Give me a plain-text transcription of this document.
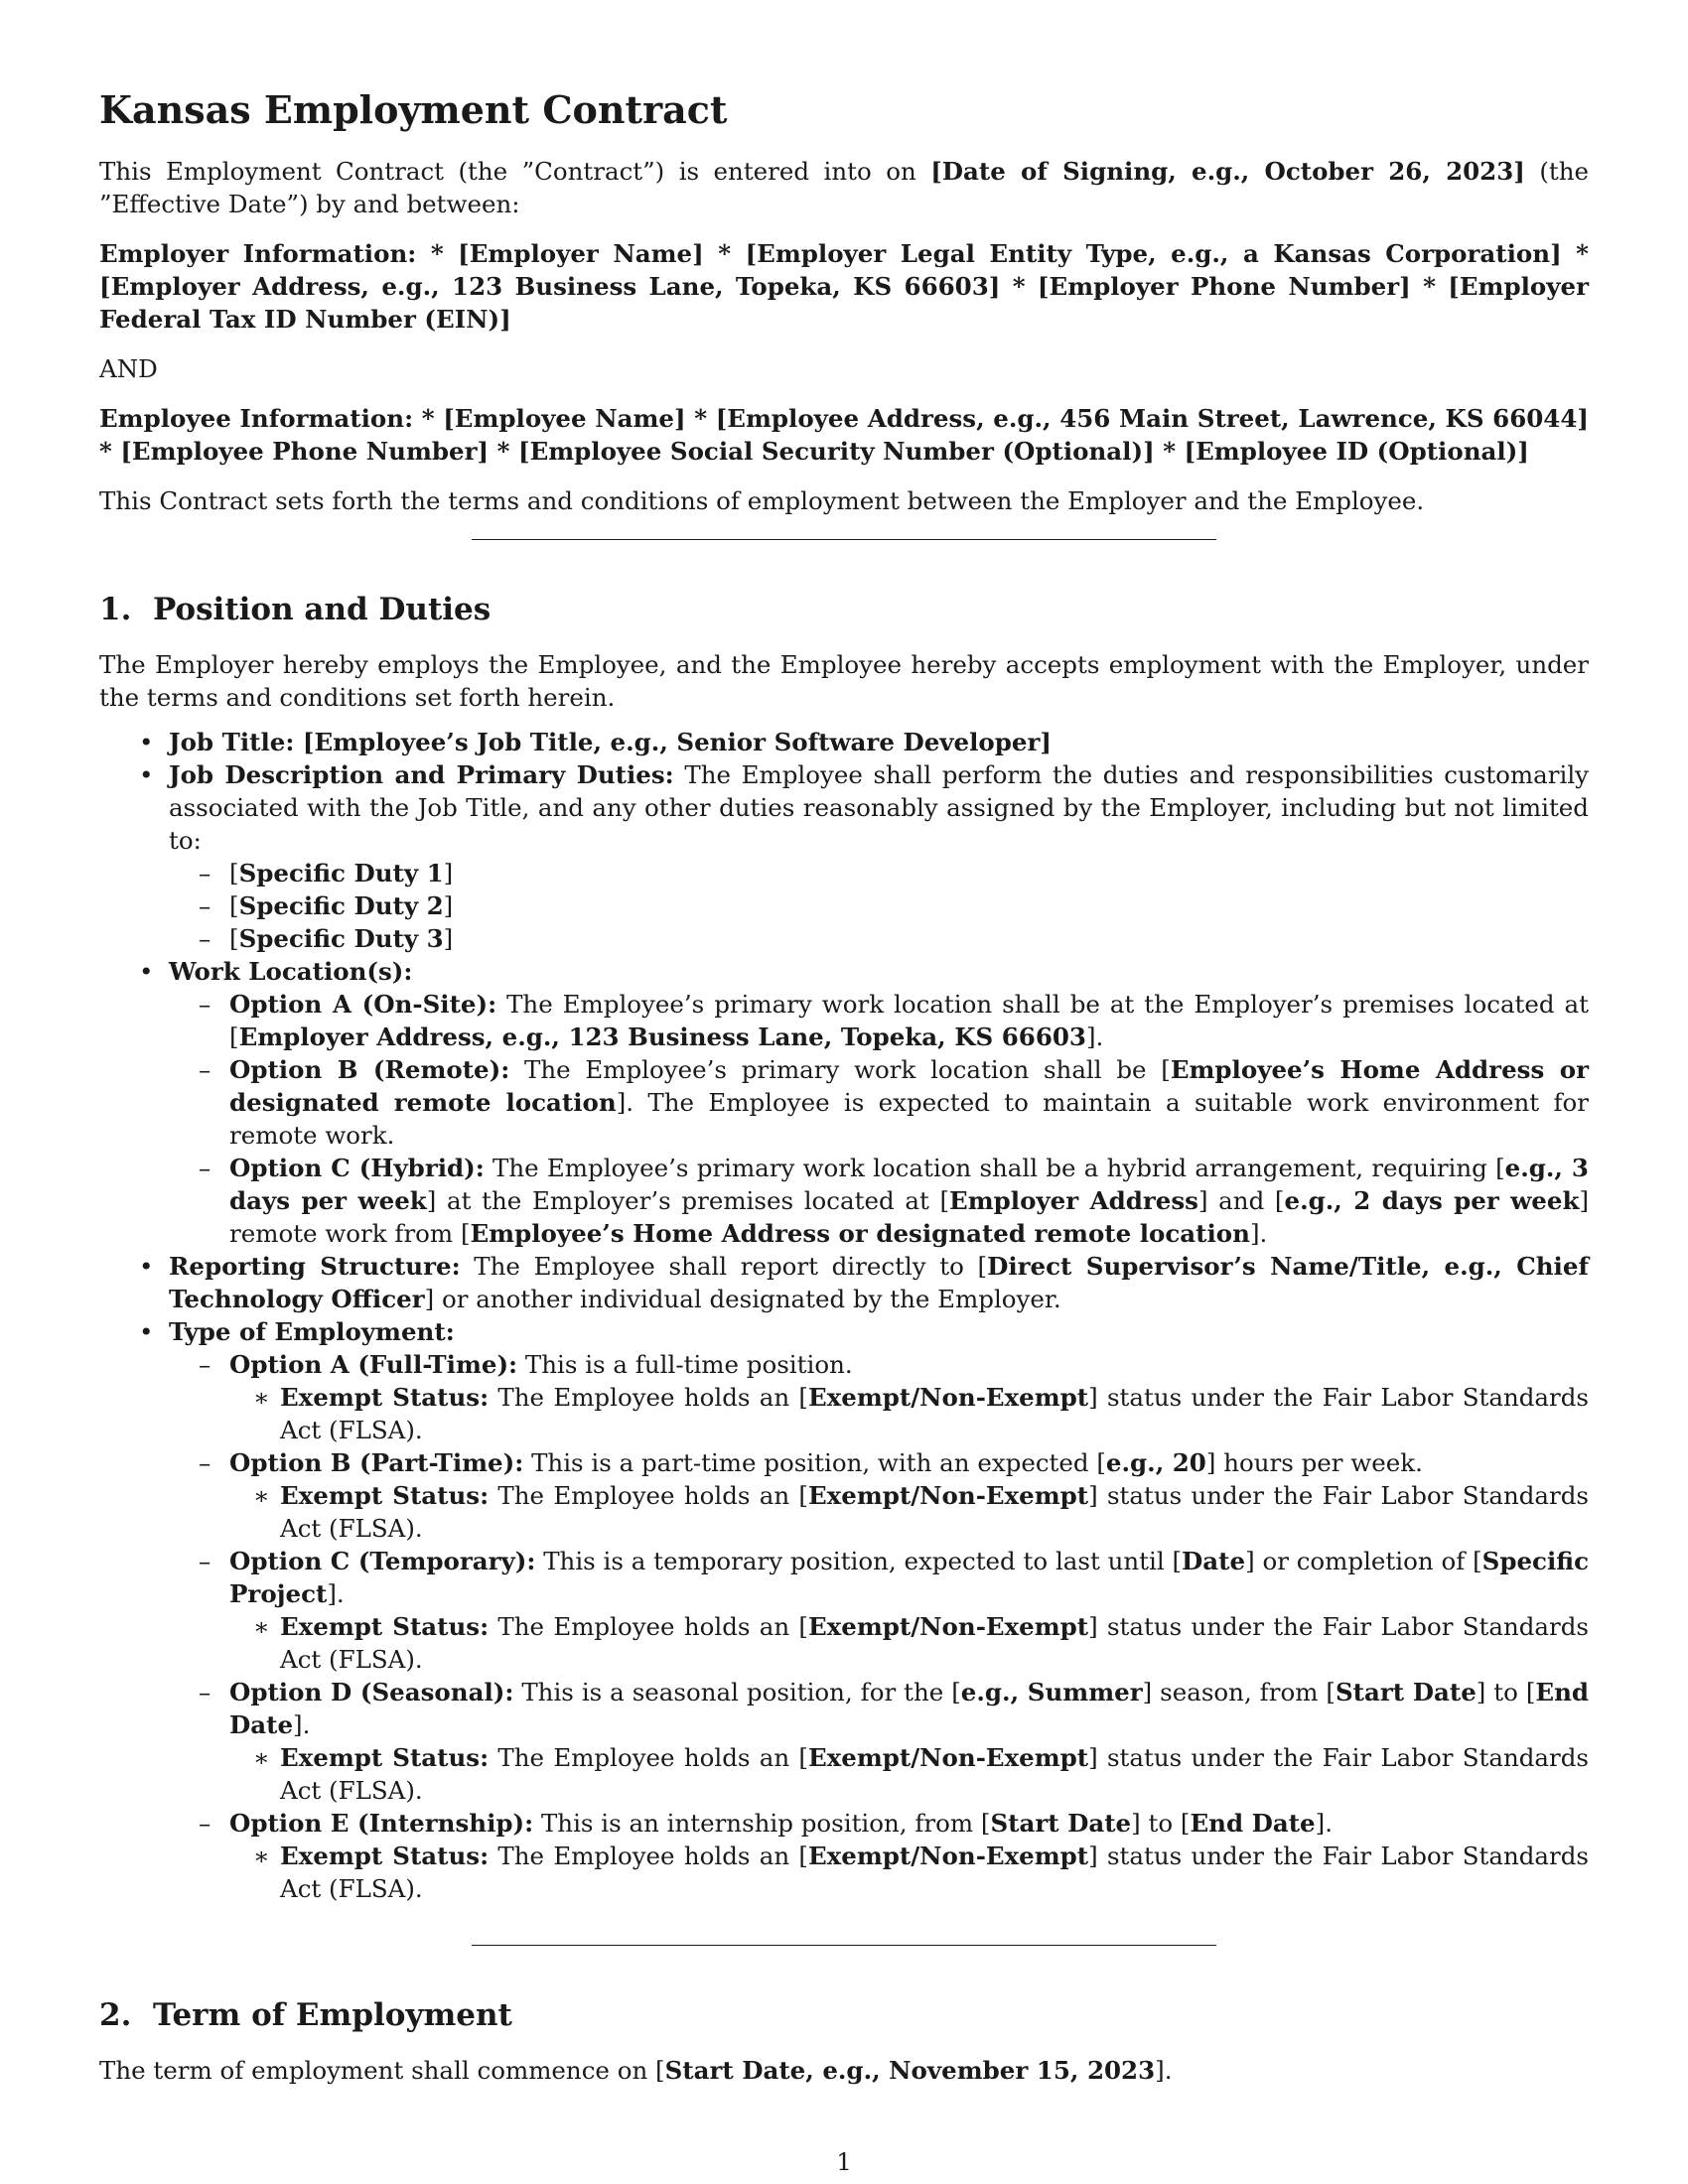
Kansas Employment Contract

This Employment Contract (the ”Contract”) is entered into on [Date of Signing, e.g., October 26, 2023] (the ”Effective Date”) by and between:

Employer Information: * [Employer Name] * [Employer Legal Entity Type, e.g., a Kansas Corporation] * [Employer Address, e.g., 123 Business Lane, Topeka, KS 66603] * [Employer Phone Number] * [Employer Federal Tax ID Number (EIN)]

AND

Employee Information: * [Employee Name] * [Employee Address, e.g., 456 Main Street, Lawrence, KS 66044] * [Employee Phone Number] * [Employee Social Security Number (Optional)] * [Employee ID (Optional)]

This Contract sets forth the terms and conditions of employment between the Employer and the Employee.

1.  Position and Duties

The Employer hereby employs the Employee, and the Employee hereby accepts employment with the Employer, under the terms and conditions set forth herein.

• Job Title: [Employee’s Job Title, e.g., Senior Software Developer]
• Job Description and Primary Duties: The Employee shall perform the duties and responsibilities customarily associated with the Job Title, and any other duties reasonably assigned by the Employer, including but not limited to:
– [Specific Duty 1]
– [Specific Duty 2]
– [Specific Duty 3]
• Work Location(s):
– Option A (On-Site): The Employee’s primary work location shall be at the Employer’s premises located at [Employer Address, e.g., 123 Business Lane, Topeka, KS 66603].
– Option B (Remote): The Employee’s primary work location shall be [Employee’s Home Address or designated remote location]. The Employee is expected to maintain a suitable work environment for remote work.
– Option C (Hybrid): The Employee’s primary work location shall be a hybrid arrangement, requiring [e.g., 3 days per week] at the Employer’s premises located at [Employer Address] and [e.g., 2 days per week] remote work from [Employee’s Home Address or designated remote location].
• Reporting Structure: The Employee shall report directly to [Direct Supervisor’s Name/Title, e.g., Chief Technology Officer] or another individual designated by the Employer.
• Type of Employment:
– Option A (Full-Time): This is a full-time position.
∗ Exempt Status: The Employee holds an [Exempt/Non-Exempt] status under the Fair Labor Standards Act (FLSA).
– Option B (Part-Time): This is a part-time position, with an expected [e.g., 20] hours per week.
∗ Exempt Status: The Employee holds an [Exempt/Non-Exempt] status under the Fair Labor Standards Act (FLSA).
– Option C (Temporary): This is a temporary position, expected to last until [Date] or completion of [Specific Project].
∗ Exempt Status: The Employee holds an [Exempt/Non-Exempt] status under the Fair Labor Standards Act (FLSA).
– Option D (Seasonal): This is a seasonal position, for the [e.g., Summer] season, from [Start Date] to [End Date].
∗ Exempt Status: The Employee holds an [Exempt/Non-Exempt] status under the Fair Labor Standards Act (FLSA).
– Option E (Internship): This is an internship position, from [Start Date] to [End Date].
∗ Exempt Status: The Employee holds an [Exempt/Non-Exempt] status under the Fair Labor Standards Act (FLSA).
2.  Term of Employment

The term of employment shall commence on [Start Date, e.g., November 15, 2023].

1
